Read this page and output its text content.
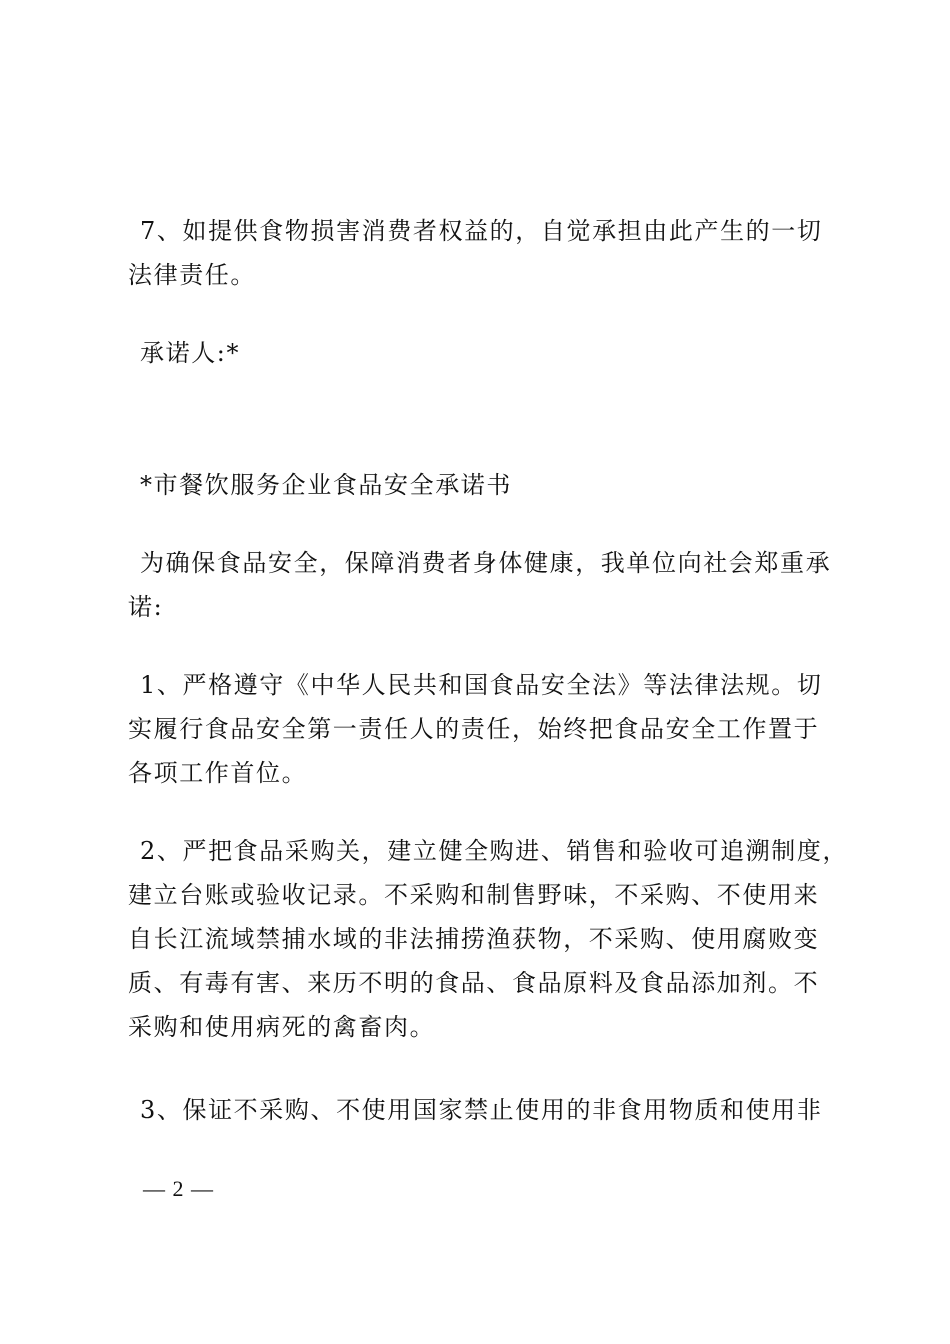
7、如提供食物损害消费者权益的，自觉承担由此产生的一切
法律责任。
承诺人:*
*市餐饮服务企业食品安全承诺书
为确保食品安全，保障消费者身体健康，我单位向社会郑重承
诺:
1、严格遵守《中华人民共和国食品安全法》等法律法规。切
实履行食品安全第一责任人的责任，始终把食品安全工作置于
各项工作首位。
2、严把食品采购关，建立健全购进、销售和验收可追溯制度，
建立台账或验收记录。不采购和制售野味，不采购、不使用来
自长江流域禁捕水域的非法捕捞渔获物，不采购、使用腐败变
质、有毒有害、来历不明的食品、食品原料及食品添加剂。不
采购和使用病死的禽畜肉。
3、保证不采购、不使用国家禁止使用的非食用物质和使用非
— 2 —
